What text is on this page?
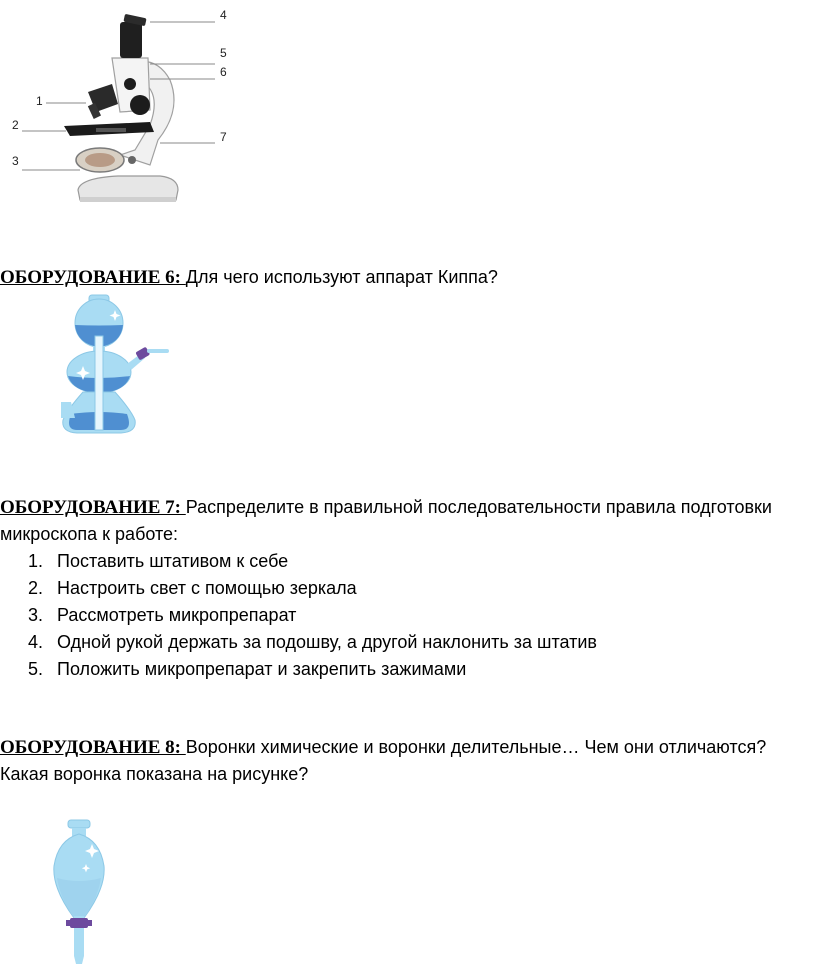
1
2
3
4
5
6
7
ОБОРУДОВАНИЕ 6: Для чего используют аппарат Киппа?
ОБОРУДОВАНИЕ 7: Распределите в правильной последовательности правила подготовки микроскопа к работе:
1. Поставить штативом к себе
2. Настроить свет с помощью зеркала
3. Рассмотреть микропрепарат
4. Одной рукой держать за подошву, а другой наклонить за штатив
5. Положить микропрепарат и закрепить зажимами
ОБОРУДОВАНИЕ 8: Воронки химические и воронки делительные… Чем они отличаются? Какая воронка показана на рисунке?
